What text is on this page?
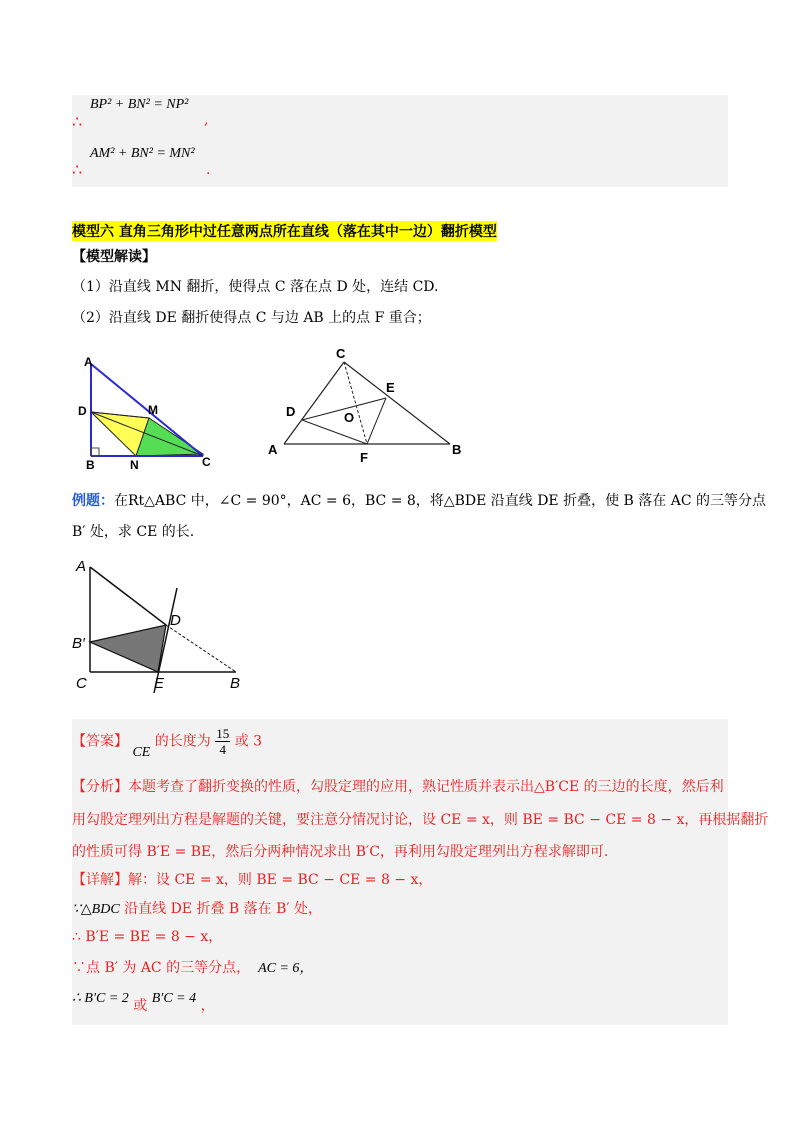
∴
BP² + BN² = NP²
,
∴
AM² + BN² = MN²
.
模型六 直角三角形中过任意两点所在直线（落在其中一边）翻折模型
【模型解读】
（1）沿直线 MN 翻折，使得点 C 落在点 D 处，连结 CD.
（2）沿直线 DE 翻折使得点 C 与边 AB 上的点 F 重合；
A
D	M
B	N	C
C
E
D	O
A
F
B
例题：在Rt△ABC 中，∠C = 90°，AC = 6，BC = 8，将△BDE 沿直线 DE 折叠，使 B 落在 AC 的三等分点
B′ 处，求 CE 的长.
A
D
B′
C	E	B
【答案】 CE 的长度为 $\frac{15}{4}$ 或 3
【分析】本题考查了翻折变换的性质，勾股定理的应用，熟记性质并表示出△B′CE 的三边的长度，然后利
用勾股定理列出方程是解题的关键，要注意分情况讨论，设 CE = x，则 BE = BC − CE = 8 − x，再根据翻折
的性质可得 B′E = BE，然后分两种情况求出 B′C，再利用勾股定理列出方程求解即可.
【详解】解：设 CE = x，则 BE = BC − CE = 8 − x，
∵△BDC 沿直线 DE 折叠 B 落在 B′ 处，
∴ B′E = BE = 8 − x，
∵点 B′ 为 AC 的三等分点， AC = 6，
∴ B′C = 2 或 B′C = 4 ，
